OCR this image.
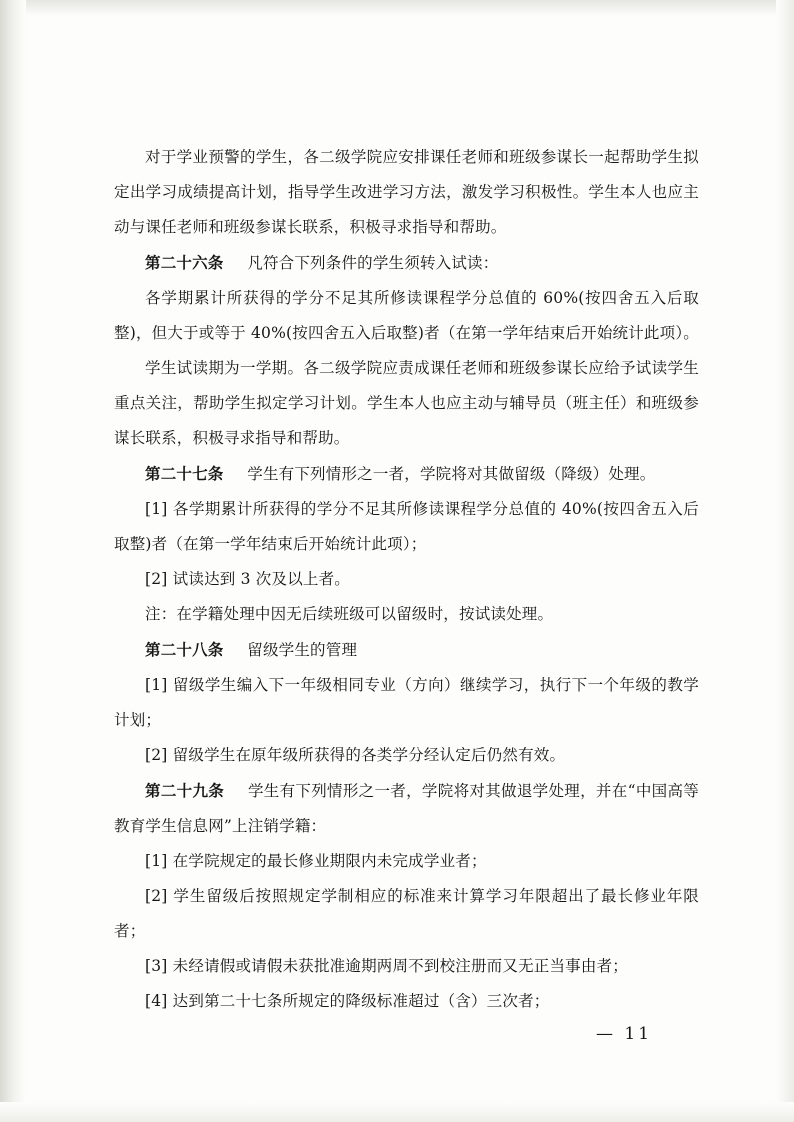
对于学业预警的学生，各二级学院应安排课任老师和班级参谋长一起帮助学生拟定出学习成绩提高计划，指导学生改进学习方法，激发学习积极性。学生本人也应主动与课任老师和班级参谋长联系，积极寻求指导和帮助。

第二十六条 凡符合下列条件的学生须转入试读：

各学期累计所获得的学分不足其所修读课程学分总值的 60%(按四舍五入后取整)，但大于或等于 40%(按四舍五入后取整)者（在第一学年结束后开始统计此项）。

学生试读期为一学期。各二级学院应责成课任老师和班级参谋长应给予试读学生重点关注，帮助学生拟定学习计划。学生本人也应主动与辅导员（班主任）和班级参谋长联系，积极寻求指导和帮助。

第二十七条 学生有下列情形之一者，学院将对其做留级（降级）处理。

[1] 各学期累计所获得的学分不足其所修读课程学分总值的 40%(按四舍五入后取整)者（在第一学年结束后开始统计此项）；

[2] 试读达到 3 次及以上者。

注：在学籍处理中因无后续班级可以留级时，按试读处理。

第二十八条 留级学生的管理

[1] 留级学生编入下一年级相同专业（方向）继续学习，执行下一个年级的教学计划；

[2] 留级学生在原年级所获得的各类学分经认定后仍然有效。

第二十九条 学生有下列情形之一者，学院将对其做退学处理，并在“中国高等教育学生信息网”上注销学籍：

[1] 在学院规定的最长修业期限内未完成学业者；

[2] 学生留级后按照规定学制相应的标准来计算学习年限超出了最长修业年限者；

[3] 未经请假或请假未获批准逾期两周不到校注册而又无正当事由者；

[4] 达到第二十七条所规定的降级标准超过（含）三次者；

— 11
